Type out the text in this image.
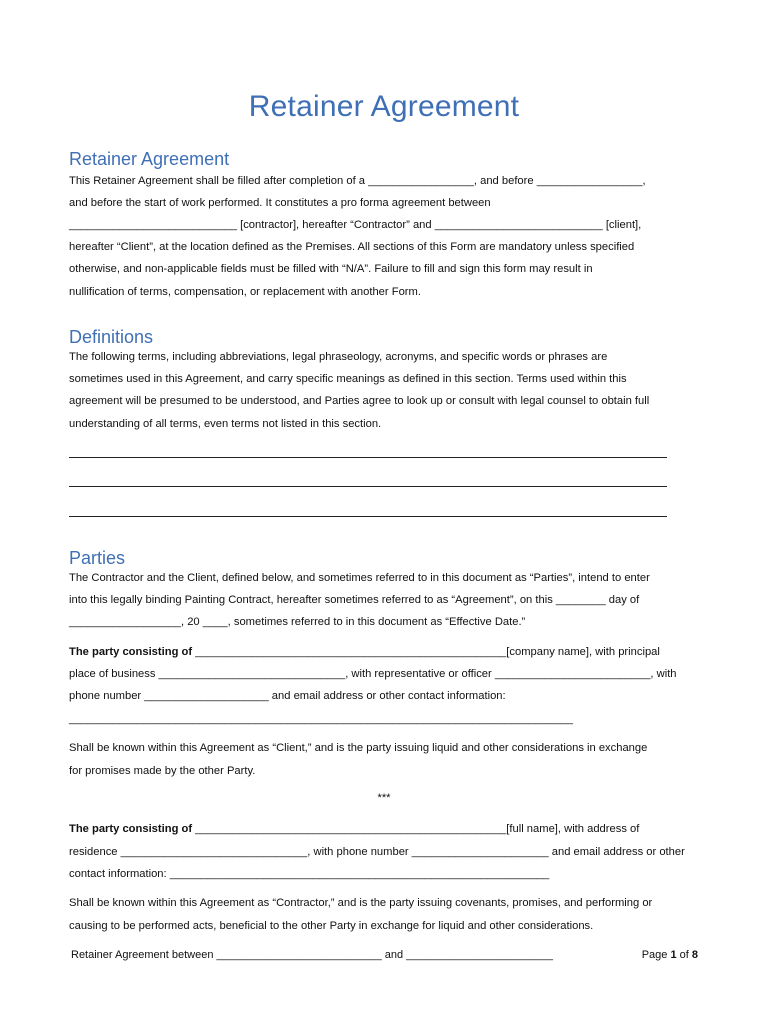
Retainer Agreement
Retainer Agreement
This Retainer Agreement shall be filled after completion of a _________________, and before _________________,
and before the start of work performed. It constitutes a pro forma agreement between
___________________________ [contractor], hereafter “Contractor” and ___________________________ [client],
hereafter “Client”, at the location defined as the Premises. All sections of this Form are mandatory unless specified
otherwise, and non-applicable fields must be filled with “N/A”. Failure to fill and sign this form may result in
nullification of terms, compensation, or replacement with another Form.
Definitions
The following terms, including abbreviations, legal phraseology, acronyms, and specific words or phrases are
sometimes used in this Agreement, and carry specific meanings as defined in this section. Terms used within this
agreement will be presumed to be understood, and Parties agree to look up or consult with legal counsel to obtain full
understanding of all terms, even terms not listed in this section.
Parties
The Contractor and the Client, defined below, and sometimes referred to in this document as “Parties”, intend to enter
into this legally binding Painting Contract, hereafter sometimes referred to as “Agreement”, on this ________ day of
__________________, 20 ____, sometimes referred to in this document as “Effective Date.”
The party consisting of __________________________________________________[company name], with principal
place of business ______________________________, with representative or officer _________________________, with
phone number ____________________ and email address or other contact information:
_________________________________________________________________________________
Shall be known within this Agreement as “Client,” and is the party issuing liquid and other considerations in exchange
for promises made by the other Party.
***
The party consisting of __________________________________________________[full name], with address of
residence ______________________________, with phone number ______________________ and email address or other
contact information: _____________________________________________________________
Shall be known within this Agreement as “Contractor,” and is the party issuing covenants, promises, and performing or
causing to be performed acts, beneficial to the other Party in exchange for liquid and other considerations.
Retainer Agreement between ___________________________ and ________________________	Page 1 of 8
